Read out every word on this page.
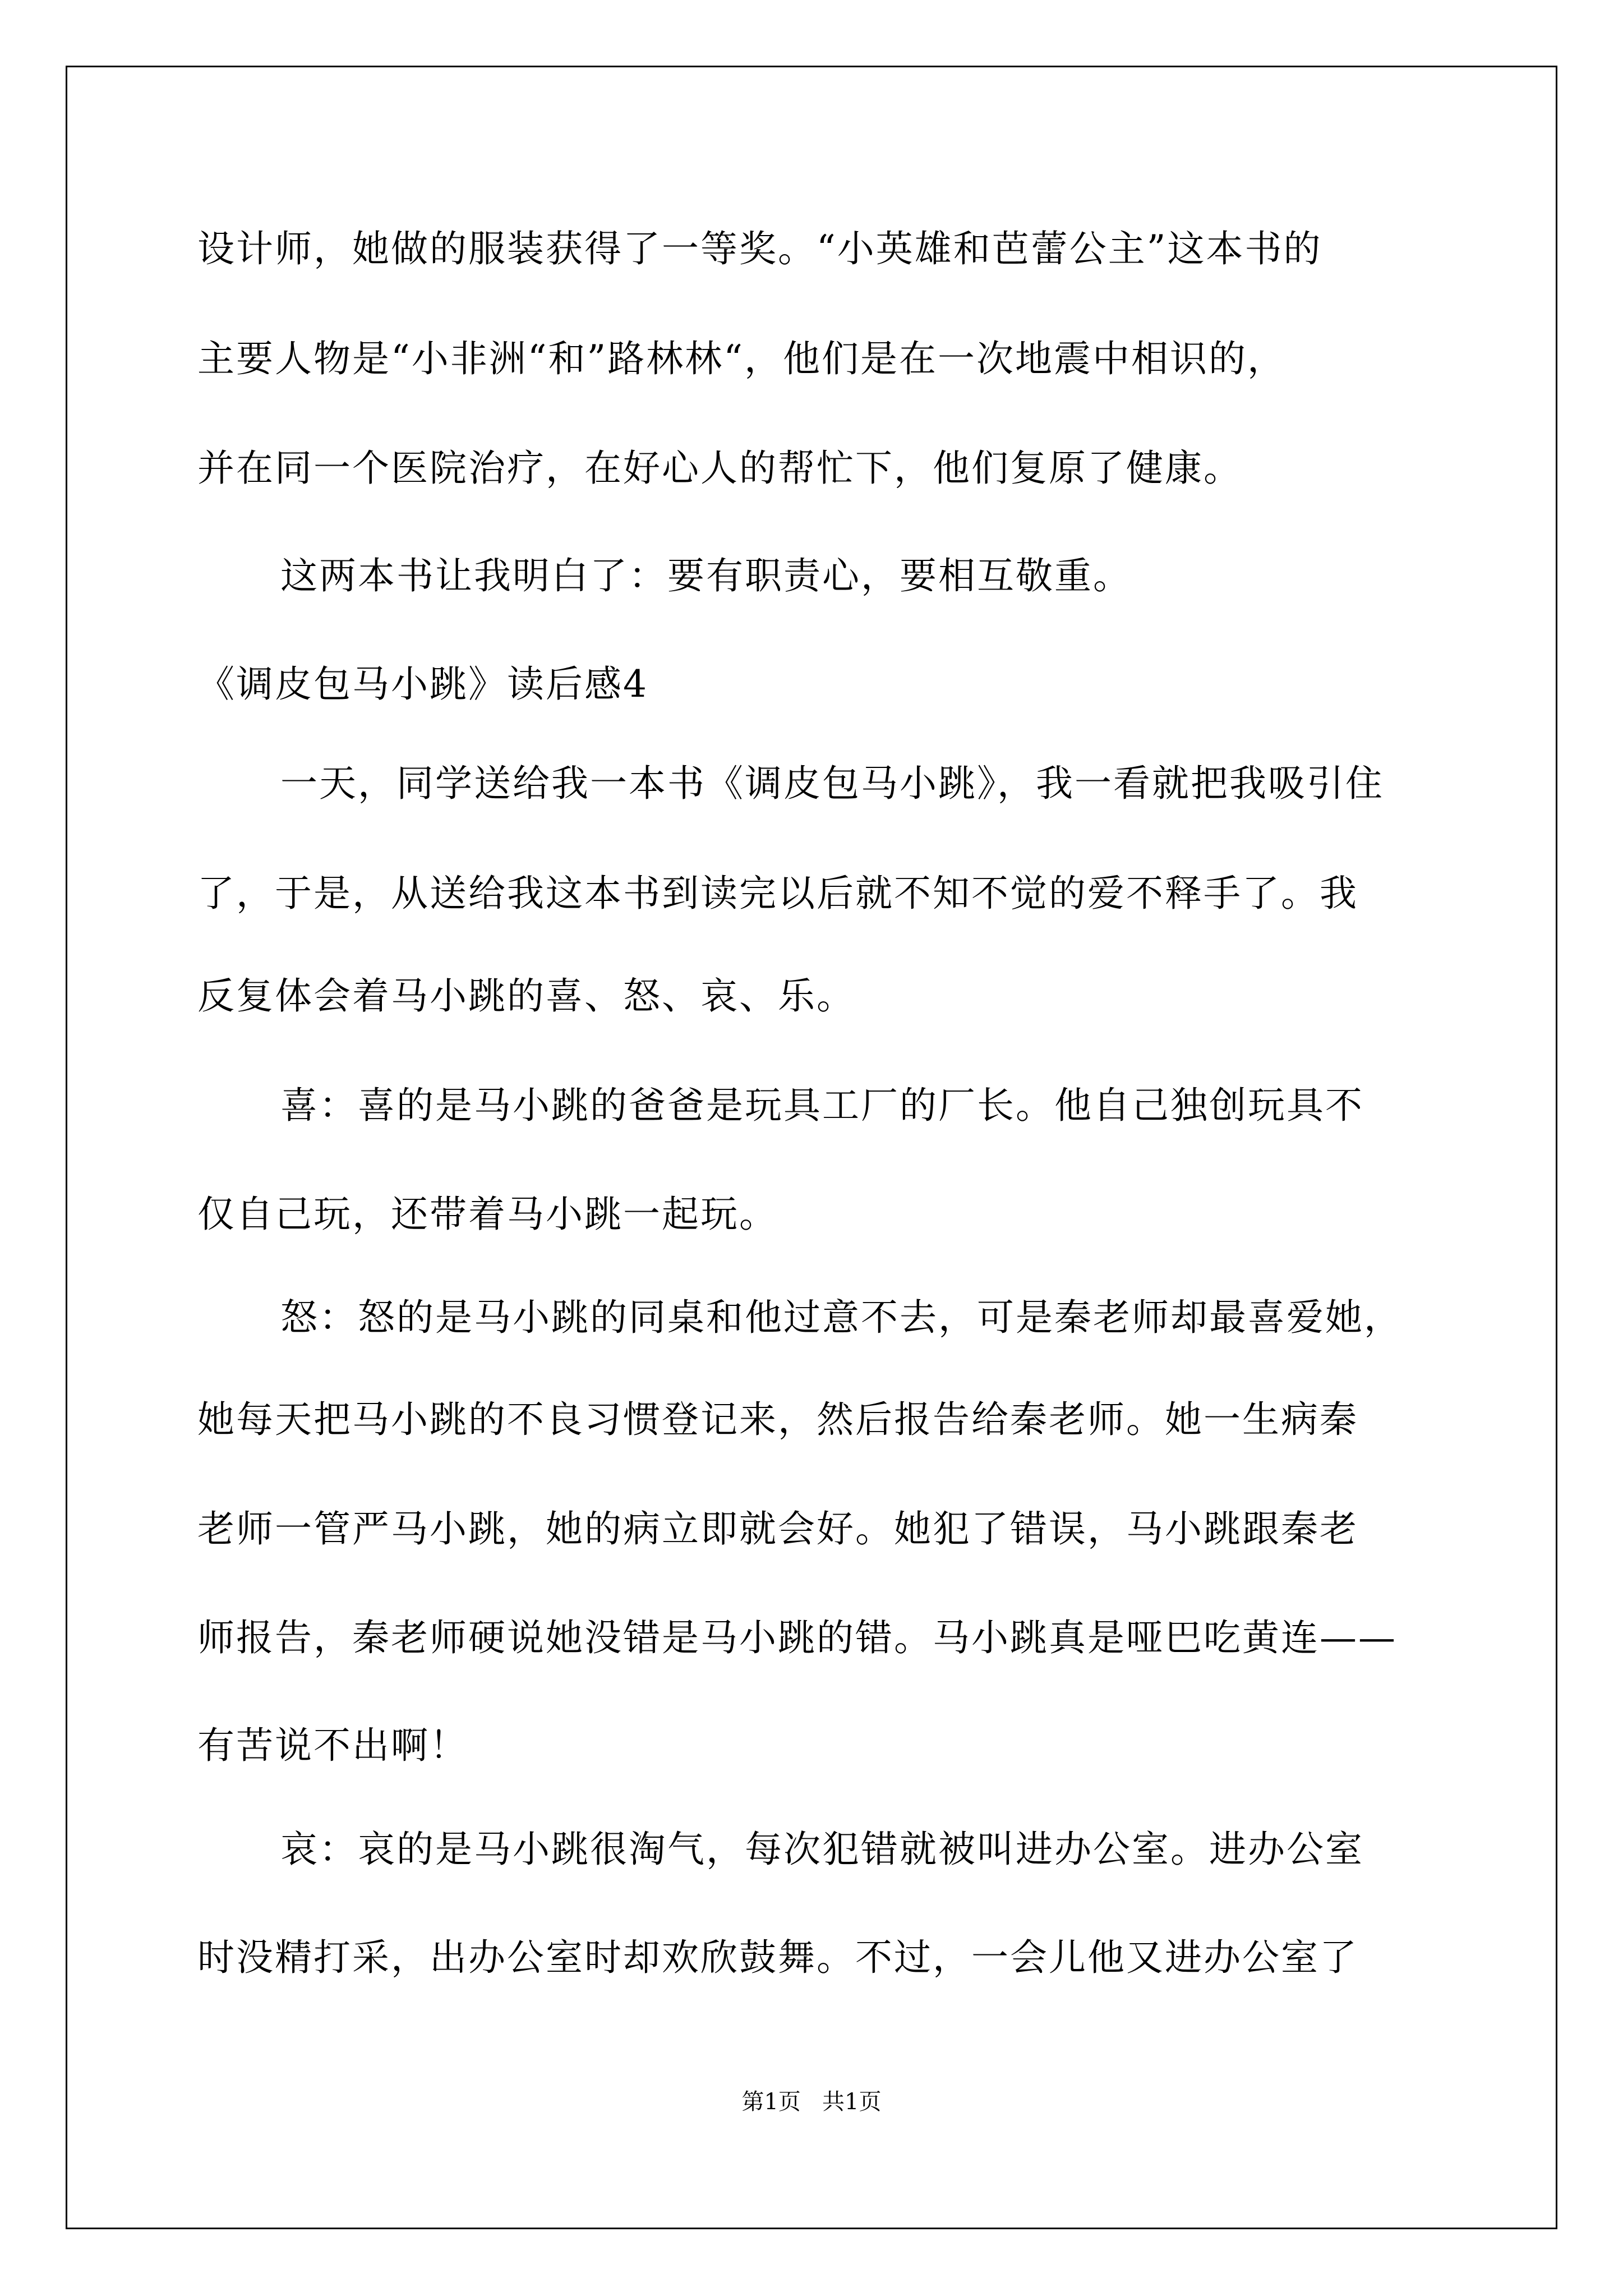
设计师，她做的服装获得了一等奖。“小英雄和芭蕾公主”这本书的
主要人物是“小非洲“和”路林林“，他们是在一次地震中相识的，
并在同一个医院治疗，在好心人的帮忙下，他们复原了健康。
这两本书让我明白了：要有职责心，要相互敬重。
《调皮包马小跳》读后感4
一天，同学送给我一本书《调皮包马小跳》，我一看就把我吸引住
了，于是，从送给我这本书到读完以后就不知不觉的爱不释手了。我
反复体会着马小跳的喜、怒、哀、乐。
喜：喜的是马小跳的爸爸是玩具工厂的厂长。他自己独创玩具不
仅自己玩，还带着马小跳一起玩。
怒：怒的是马小跳的同桌和他过意不去，可是秦老师却最喜爱她，
她每天把马小跳的不良习惯登记来，然后报告给秦老师。她一生病秦
老师一管严马小跳，她的病立即就会好。她犯了错误，马小跳跟秦老
师报告，秦老师硬说她没错是马小跳的错。马小跳真是哑巴吃黄连——
有苦说不出啊！
哀：哀的是马小跳很淘气，每次犯错就被叫进办公室。进办公室
时没精打采，出办公室时却欢欣鼓舞。不过，一会儿他又进办公室了
第1页   共1页
